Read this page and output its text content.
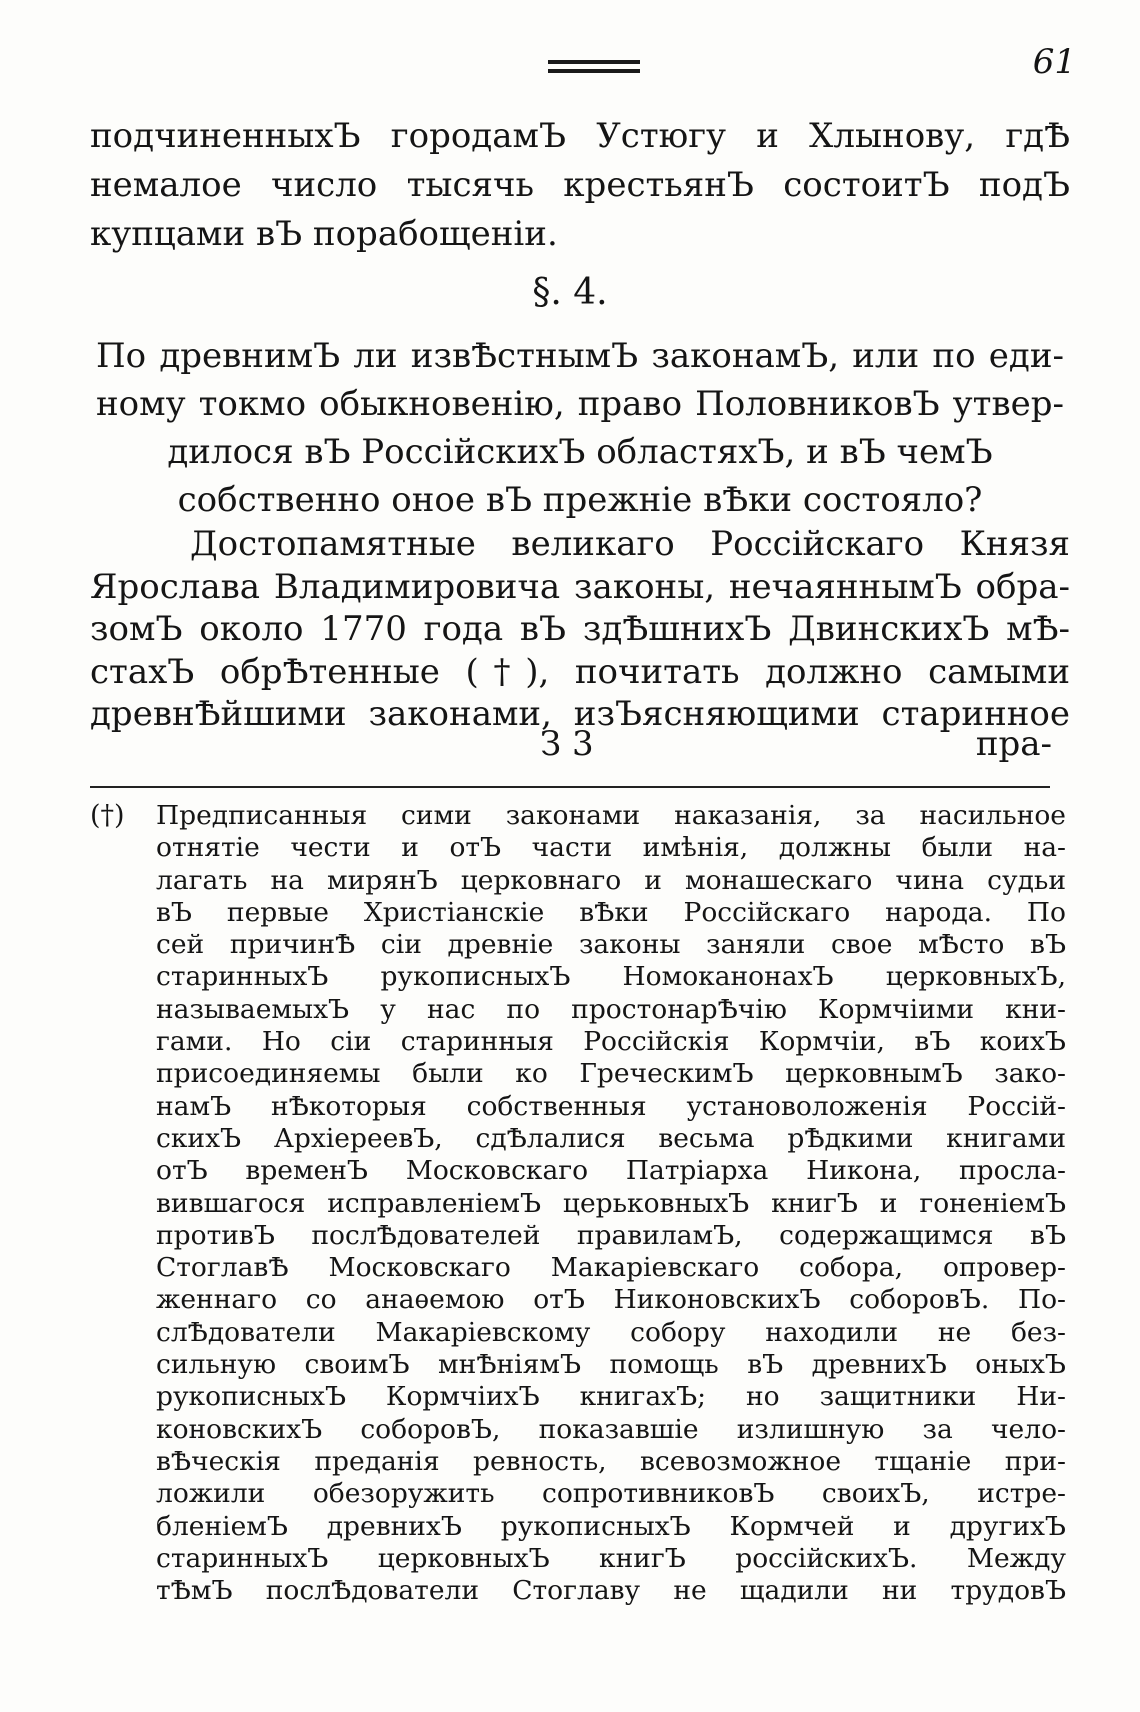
61
подчиненныхЪ городамЪ Устюгу и Хлынову, гдѢ
немалое число тысячь крестьянЪ состоитЪ подЪ
купцами вЪ порабощенiи.
§. 4.
По древнимЪ ли извѢстнымЪ законамЪ, или по еди-
ному токмо обыкновенiю, право ПоловниковЪ утвер-
дилося вЪ РоссiйскихЪ областяхЪ, и вЪ чемЪ
собственно оное вЪ прежнiе вѢки состояло?
Достопамятные великаго Россiйскаго Князя
Ярослава Владимировича законы, нечаяннымЪ обра-
зомЪ около 1770 года вЪ здѢшнихЪ ДвинскихЪ мѢ-
стахЪ обрѢтенные (†), почитать должно самыми
древнѢйшими законами, изЪясняющими старинное
З 3	пра-
(†) Предписанныя сими законами наказанiя, за насильное
отнятiе чести и отЪ части имѣнiя, должны были на-
лагать на мирянЪ церковнаго и монашескаго чина судьи
вЪ первые Христiанскiе вѢки Россiйскаго народа. По
сей причинѢ сiи древнiе законы заняли свое мѢсто вЪ
старинныхЪ рукописныхЪ НомоканонахЪ церковныхЪ,
называемыхЪ у нас по простонарѢчiю Кормчiими кни-
гами. Но сiи старинныя Россiйскiя Кормчiи, вЪ коихЪ
присоединяемы были ко ГреческимЪ церковнымЪ зако-
намЪ нѢкоторыя собственныя установоложенiя Россiй-
скихЪ АрхiереевЪ, сдѢлалися весьма рѢдкими книгами
отЪ временЪ Московскаго Патрiарха Никона, просла-
вившагося исправленiемЪ церьковныхЪ книгЪ и гоненiемЪ
противЪ послѢдователей правиламЪ, содержащимся вЪ
СтоглавѢ Московскаго Макарiевскаго собора, опровер-
женнаго со анаѳемою отЪ НиконовскихЪ соборовЪ. По-
слѢдователи Макарiевскому собору находили не без-
сильную своимЪ мнѢнiямЪ помощь вЪ древнихЪ оныхЪ
рукописныхЪ КормчiихЪ книгахЪ; но защитники Ни-
коновскихЪ соборовЪ, показавшiе излишную за чело-
вѢческiя преданiя ревность, всевозможное тщанiе при-
ложили обезоружить сопротивниковЪ своихЪ, истре-
бленiемЪ древнихЪ рукописныхЪ Кормчей и другихЪ
старинныхЪ церковныхЪ книгЪ россiйскихЪ. Между
тѢмЪ послѢдователи Стоглаву не щадили ни трудовЪ
